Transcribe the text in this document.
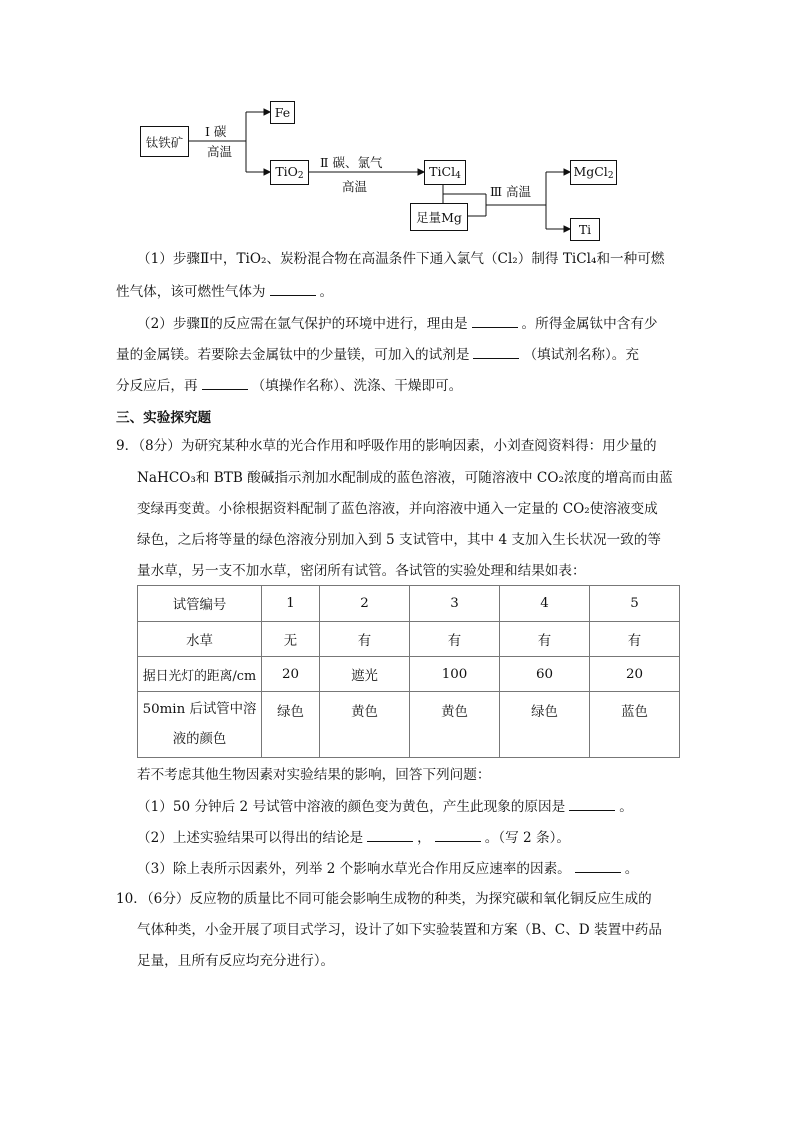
钛铁矿
Ⅰ 碳
高温
Fe
TiO$_2$
Ⅱ 碳、氯气
高温
TiCl$_4$
足量Mg
Ⅲ 高温
MgCl$_2$
Ti
（1）步骤Ⅱ中，TiO₂、炭粉混合物在高温条件下通入氯气（Cl₂）制得 TiCl₄和一种可燃
性气体，该可燃性气体为	。
（2）步骤Ⅱ的反应需在氩气保护的环境中进行，理由是	。所得金属钛中含有少
量的金属镁。若要除去金属钛中的少量镁，可加入的试剂是	（填试剂名称）。充
分反应后，再	（填操作名称）、洗涤、干燥即可。
三、实验探究题
9．（8分）为研究某种水草的光合作用和呼吸作用的影响因素，小刘查阅资料得：用少量的
NaHCO₃和 BTB 酸碱指示剂加水配制成的蓝色溶液，可随溶液中 CO₂浓度的增高而由蓝
变绿再变黄。小徐根据资料配制了蓝色溶液，并向溶液中通入一定量的 CO₂使溶液变成
绿色，之后将等量的绿色溶液分别加入到 5 支试管中，其中 4 支加入生长状况一致的等
量水草，另一支不加水草，密闭所有试管。各试管的实验处理和结果如表：
试管编号	1	2	3	4	5
水草	无	有	有	有	有
据日光灯的距离/cm	20	遮光	100	60	20
50min 后试管中溶液的颜色	绿色	黄色	黄色	绿色	蓝色
若不考虑其他生物因素对实验结果的影响，回答下列问题：
（1）50 分钟后 2 号试管中溶液的颜色变为黄色，产生此现象的原因是	。
（2）上述实验结果可以得出的结论是	，	。（写 2 条）。
（3）除上表所示因素外，列举 2 个影响水草光合作用反应速率的因素。	。
10．（6分）反应物的质量比不同可能会影响生成物的种类，为探究碳和氧化铜反应生成的
气体种类，小金开展了项目式学习，设计了如下实验装置和方案（B、C、D 装置中药品
足量，且所有反应均充分进行）。
